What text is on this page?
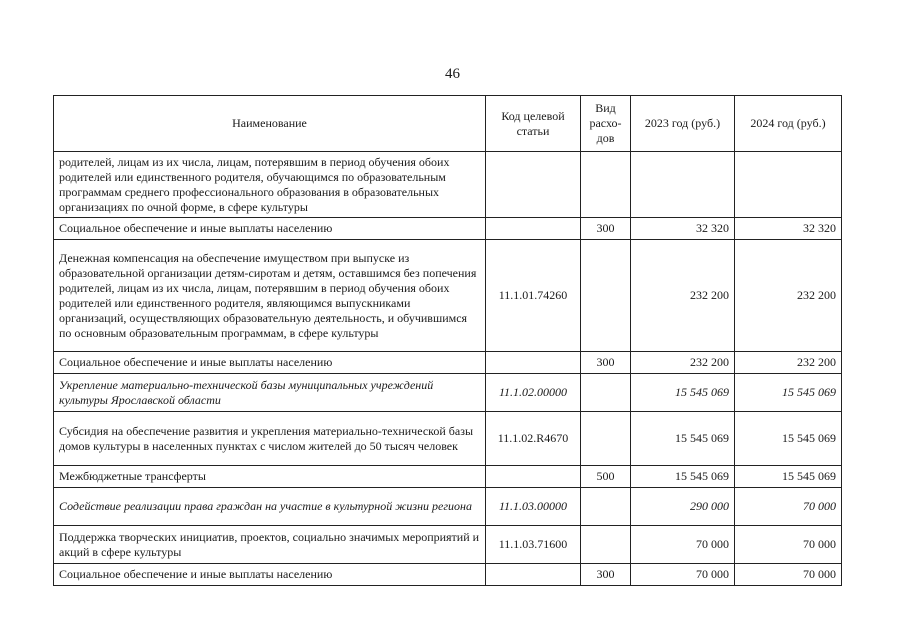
46
Наименование	Код целевой статьи	Вид расхо-дов	2023 год (руб.)	2024 год (руб.)
родителей, лицам из их числа, лицам, потерявшим в период обучения обоих родителей или единственного родителя, обучающимся по образовательным программам среднего профессионального образования в образовательных организациях по очной форме, в сфере культуры				
Социальное обеспечение и иные выплаты населению		300	32 320	32 320
Денежная компенсация на обеспечение имуществом при выпуске из образовательной организации детям-сиротам и детям, оставшимся без попечения родителей, лицам из их числа, лицам, потерявшим в период обучения обоих родителей или единственного родителя, являющимся выпускниками организаций, осуществляющих образовательную деятельность, и обучившимся по основным образовательным программам, в сфере культуры	11.1.01.74260		232 200	232 200
Социальное обеспечение и иные выплаты населению		300	232 200	232 200
Укрепление материально-технической базы муниципальных учреждений культуры Ярославской области	11.1.02.00000		15 545 069	15 545 069
Субсидия на обеспечение развития и укрепления материально-технической базы домов культуры в населенных пунктах с числом жителей до 50 тысяч человек	11.1.02.R4670		15 545 069	15 545 069
Межбюджетные трансферты		500	15 545 069	15 545 069
Содействие реализации права граждан на участие в культурной жизни региона	11.1.03.00000		290 000	70 000
Поддержка творческих инициатив, проектов, социально значимых мероприятий и акций в сфере культуры	11.1.03.71600		70 000	70 000
Социальное обеспечение и иные выплаты населению		300	70 000	70 000
